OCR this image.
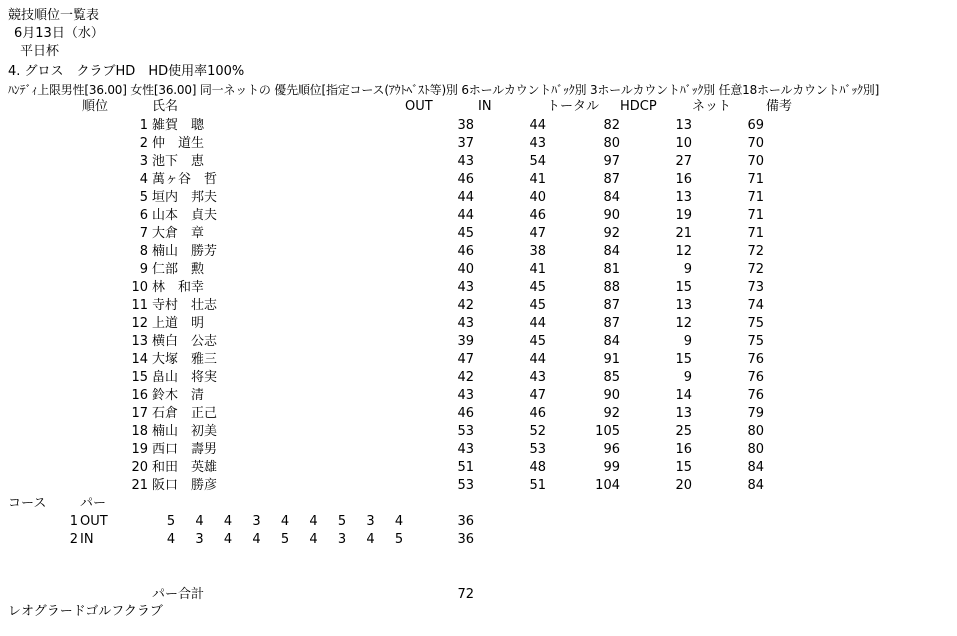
競技順位一覧表
6月13日（水）
平日杯
4. グロス　クラブHD　HD使用率100%
ﾊﾝﾃﾞｨ上限男性[36.00] 女性[36.00] 同一ネットの 優先順位[指定コース(ｱｳﾄﾍﾞｽﾄ等)別 6ホールカウントﾊﾞｯｸ別 3ホールカウントﾊﾞｯｸ別 任意18ホールカウントﾊﾞｯｸ別]
順位	氏名	OUT	IN	トータル HDCP	ネット	備考
1 雑賀　聰	38	44	82	13	69
2 仲　道生	37	43	80	10	70
3 池下　恵	43	54	97	27	70
4 萬ヶ谷　哲	46	41	87	16	71
5 垣内　邦夫	44	40	84	13	71
6 山本　貞夫	44	46	90	19	71
7 大倉　章	45	47	92	21	71
8 楠山　勝芳	46	38	84	12	72
9 仁部　勲	40	41	81	9	72
10 林　和幸	43	45	88	15	73
11 寺村　壮志	42	45	87	13	74
12 上道　明	43	44	87	12	75
13 横白　公志	39	45	84	9	75
14 大塚　雅三	47	44	91	15	76
15 畠山　将実	42	43	85	9	76
16 鈴木　清	43	47	90	14	76
17 石倉　正己	46	46	92	13	79
18 楠山　初美	53	52	105	25	80
19 西口　壽男	43	53	96	16	80
20 和田　英雄	51	48	99	15	84
21 阪口　勝彦	53	51	104	20	84
コース	パー
1 OUT	5 4 4 3 4 4 5 3 4	36
2 IN	4 3 4 4 5 4 3 4 5	36
パー合計	72
レオグラードゴルフクラブ
